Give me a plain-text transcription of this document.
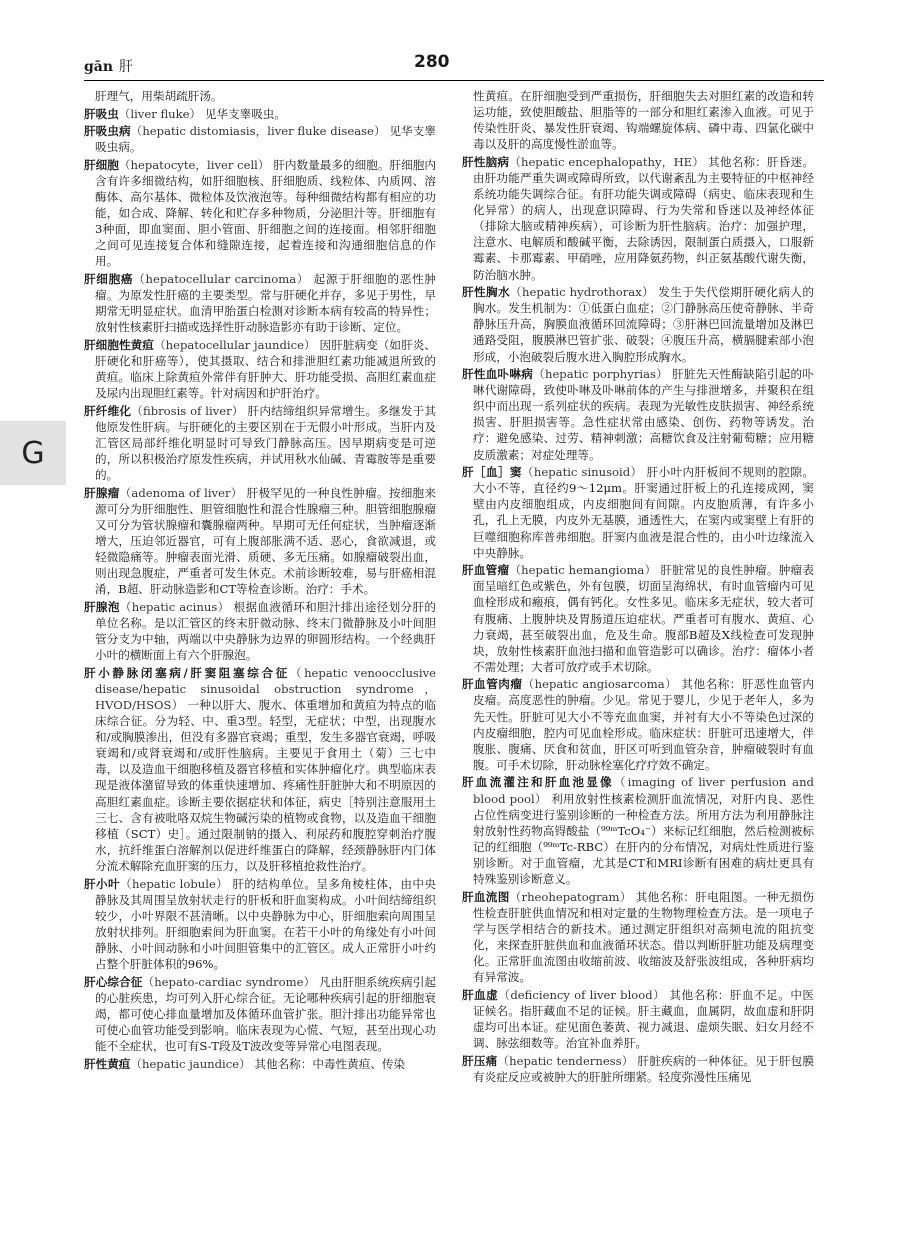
gān 肝	280
G

肝理气，用柴胡疏肝汤。

肝吸虫（liver fluke） 见华支睾吸虫。

肝吸虫病（hepatic distomiasis，liver fluke disease） 见华支睾吸虫病。

肝细胞（hepatocyte，liver cell） 肝内数量最多的细胞。肝细胞内含有许多细微结构，如肝细胞核、肝细胞质、线粒体、内质网、溶酶体、高尔基体、微粒体及饮液泡等。每种细微结构都有相应的功能，如合成、降解、转化和贮存多种物质，分泌胆汁等。肝细胞有3种面，即血窦面、胆小管面、肝细胞之间的连接面。相邻肝细胞之间可见连接复合体和缝隙连接，起着连接和沟通细胞信息的作用。

肝细胞癌（hepatocellular carcinoma） 起源于肝细胞的恶性肿瘤。为原发性肝癌的主要类型。常与肝硬化并存，多见于男性，早期常无明显症状。血清甲胎蛋白检测对诊断本病有较高的特异性；放射性核素肝扫描或选择性肝动脉造影亦有助于诊断、定位。

肝细胞性黄疸（hepatocellular jaundice） 因肝脏病变（如肝炎、肝硬化和肝癌等），使其摄取、结合和排泄胆红素功能减退所致的黄疸。临床上除黄疸外常伴有肝肿大、肝功能受损、高胆红素血症及尿内出现胆红素等。针对病因和护肝治疗。

肝纤维化（fibrosis of liver） 肝内结缔组织异常增生。多继发于其他原发性肝病。与肝硬化的主要区别在于无假小叶形成。当肝内及汇管区局部纤维化明显时可导致门静脉高压。因早期病变是可逆的，所以积极治疗原发性疾病，并试用秋水仙碱、青霉胺等是重要的。

肝腺瘤（adenoma of liver） 肝极罕见的一种良性肿瘤。按细胞来源可分为肝细胞性、胆管细胞性和混合性腺瘤三种。胆管细胞腺瘤又可分为管状腺瘤和囊腺瘤两种。早期可无任何症状，当肿瘤逐渐增大，压迫邻近器官，可有上腹部胀满不适、恶心，食欲减退，或轻微隐痛等。肿瘤表面光滑、质硬、多无压痛。如腺瘤破裂出血，则出现急腹症，严重者可发生休克。术前诊断较难，易与肝癌相混淆，B超、肝动脉造影和CT等检查诊断。治疗：手术。

肝腺泡（hepatic acinus） 根据血液循环和胆汁排出途径划分肝的单位名称。是以汇管区的终末肝微动脉、终末门微静脉及小叶间胆管分支为中轴，两端以中央静脉为边界的卵圆形结构。一个经典肝小叶的横断面上有六个肝腺泡。

肝小静脉闭塞病/肝窦阻塞综合征（hepatic venoocclusive disease/hepatic sinusoidal obstruction syndrome，HVOD/HSOS） 一种以肝大、腹水、体重增加和黄疸为特点的临床综合征。分为轻、中、重3型。轻型，无症状；中型，出现腹水和/或胸膜渗出，但没有多器官衰竭；重型，发生多器官衰竭，呼吸衰竭和/或肾衰竭和/或肝性脑病。主要见于食用土（菊）三七中毒，以及造血干细胞移植及器官移植和实体肿瘤化疗。典型临床表现是液体潴留导致的体重快速增加、疼痛性肝脏肿大和不明原因的高胆红素血症。诊断主要依据症状和体征，病史［特别注意服用土三七、含有被吡咯双烷生物碱污染的植物或食物，以及造血干细胞移植（SCT）史］。通过限制钠的摄入、利尿药和腹腔穿刺治疗腹水，抗纤维蛋白溶解剂以促进纤维蛋白的降解，经颈静脉肝内门体分流术解除充血肝窦的压力，以及肝移植抢救性治疗。

肝小叶（hepatic lobule） 肝的结构单位。呈多角棱柱体，由中央静脉及其周围呈放射状走行的肝板和肝血窦构成。小叶间结缔组织较少，小叶界限不甚清晰。以中央静脉为中心，肝细胞索向周围呈放射状排列。肝细胞索间为肝血窦。在若干小叶的角缘处有小叶间静脉、小叶间动脉和小叶间胆管集中的汇管区。成人正常肝小叶约占整个肝脏体积的96%。

肝心综合征（hepato-cardiac syndrome） 凡由肝胆系统疾病引起的心脏疾患，均可列入肝心综合征。无论哪种疾病引起的肝细胞衰竭，都可使心排血量增加及体循环血管扩张。胆汁排出功能异常也可使心血管功能受到影响。临床表现为心慌、气短，甚至出现心功能不全症状，也可有S-T段及T波改变等异常心电图表现。

肝性黄疸（hepatic jaundice） 其他名称：中毒性黄疸、传染

性黄疸。在肝细胞受到严重损伤，肝细胞失去对胆红素的改造和转运功能，致使胆酸盐、胆脂等的一部分和胆红素渗入血液。可见于传染性肝炎、暴发性肝衰竭、钩端螺旋体病、磷中毒、四氯化碳中毒以及肝的高度慢性淤血等。

肝性脑病（hepatic encephalopathy，HE） 其他名称：肝昏迷。由肝功能严重失调或障碍所致，以代谢紊乱为主要特征的中枢神经系统功能失调综合征。有肝功能失调或障碍（病史、临床表现和生化异常）的病人，出现意识障碍、行为失常和昏迷以及神经体征（排除大脑或精神疾病），可诊断为肝性脑病。治疗：加强护理，注意水、电解质和酸碱平衡，去除诱因，限制蛋白质摄入，口服新霉素、卡那霉素、甲硝唑，应用降氨药物，纠正氨基酸代谢失衡，防治脑水肿。

肝性胸水（hepatic hydrothorax） 发生于失代偿期肝硬化病人的胸水。发生机制为：①低蛋白血症；②门静脉高压使奇静脉、半奇静脉压升高，胸膜血液循环回流障碍；③肝淋巴回流量增加及淋巴通路受阻，腹膜淋巴管扩张、破裂；④腹压升高，横膈腱索部小泡形成，小泡破裂后腹水进入胸腔形成胸水。

肝性血卟啉病（hepatic porphyrias） 肝脏先天性酶缺陷引起的卟啉代谢障碍，致使卟啉及卟啉前体的产生与排泄增多，并聚积在组织中而出现一系列症状的疾病。表现为光敏性皮肤损害、神经系统损害、肝胆损害等。急性症状常由感染、创伤、药物等诱发。治疗：避免感染、过劳、精神刺激；高糖饮食及注射葡萄糖；应用糖皮质激素；对症处理等。

肝［血］窦（hepatic sinusoid） 肝小叶内肝板间不规则的腔隙。大小不等，直径约9～12μm。肝窦通过肝板上的孔连接成网，窦壁由内皮细胞组成，内皮细胞间有间隙。内皮胞质薄，有许多小孔，孔上无膜，内皮外无基膜，通透性大，在窦内或窦壁上有肝的巨噬细胞称库普弗细胞。肝窦内血液是混合性的，由小叶边缘流入中央静脉。

肝血管瘤（hepatic hemangioma） 肝脏常见的良性肿瘤。肿瘤表面呈暗红色或紫色，外有包膜，切面呈海绵状，有时血管瘤内可见血栓形成和瘢痕，偶有钙化。女性多见。临床多无症状，较大者可有腹痛、上腹肿块及胃肠道压迫症状。严重者可有腹水、黄疸、心力衰竭，甚至破裂出血，危及生命。腹部B超及X线检查可发现肿块，放射性核素肝血池扫描和血管造影可以确诊。治疗：瘤体小者不需处理；大者可放疗或手术切除。

肝血管肉瘤（hepatic angiosarcoma） 其他名称：肝恶性血管内皮瘤。高度恶性的肿瘤。少见。常见于婴儿，少见于老年人，多为先天性。肝脏可见大小不等充血血窦，并衬有大小不等染色过深的内皮瘤细胞，腔内可见血栓形成。临床症状：肝脏可迅速增大，伴腹胀、腹痛、厌食和贫血，肝区可听到血管杂音，肿瘤破裂时有血腹。可手术切除，肝动脉栓塞化疗疗效不确定。

肝血流灌注和肝血池显像（imaging of liver perfusion and blood pool） 利用放射性核素检测肝血流情况，对肝内良、恶性占位性病变进行鉴别诊断的一种检查方法。所用方法为利用静脉注射放射性药物高锝酸盐（⁹⁹ᵐTcO₄⁻）来标记红细胞，然后检测被标记的红细胞（⁹⁹ᵐTc-RBC）在肝内的分布情况，对病灶性质进行鉴别诊断。对于血管瘤，尤其是CT和MRI诊断有困难的病灶更具有特殊鉴别诊断意义。

肝血流图（rheohepatogram） 其他名称：肝电阻图。一种无损伤性检查肝脏供血情况和相对定量的生物物理检查方法。是一项电子学与医学相结合的新技术。通过测定肝组织对高频电流的阻抗变化，来探查肝脏供血和血液循环状态。借以判断肝脏功能及病理变化。正常肝血流图由收缩前波、收缩波及舒张波组成，各种肝病均有异常波。

肝血虚（deficiency of liver blood） 其他名称：肝血不足。中医证候名。指肝藏血不足的证候。肝主藏血，血属阴，故血虚和肝阴虚均可出本证。症见面色萎黄、视力减退、虚烦失眠、妇女月经不调、脉弦细数等。治宜补血养肝。

肝压痛（hepatic tenderness） 肝脏疾病的一种体征。见于肝包膜有炎症反应或被肿大的肝脏所绷紧。轻度弥漫性压痛见
